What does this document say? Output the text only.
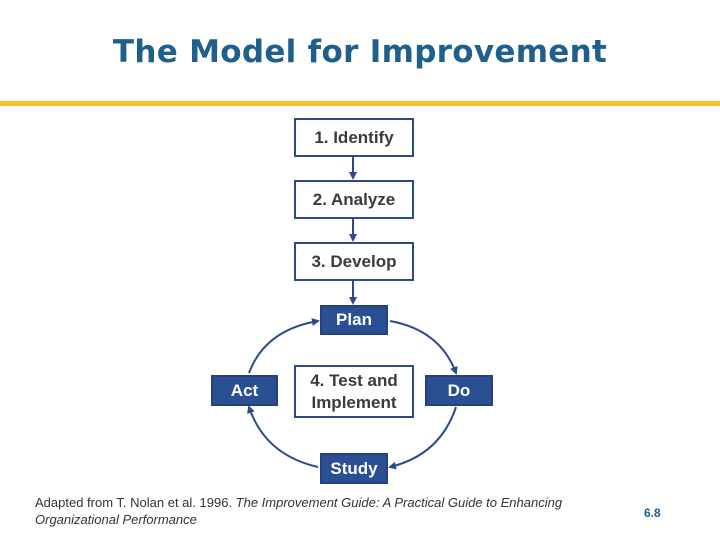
The Model for Improvement
1. Identify
2. Analyze
3. Develop
Plan
Act
4. Test and
Implement
Do
Study
Adapted from T. Nolan et al. 1996. The Improvement Guide: A Practical Guide to Enhancing Organizational Performance	6.8
